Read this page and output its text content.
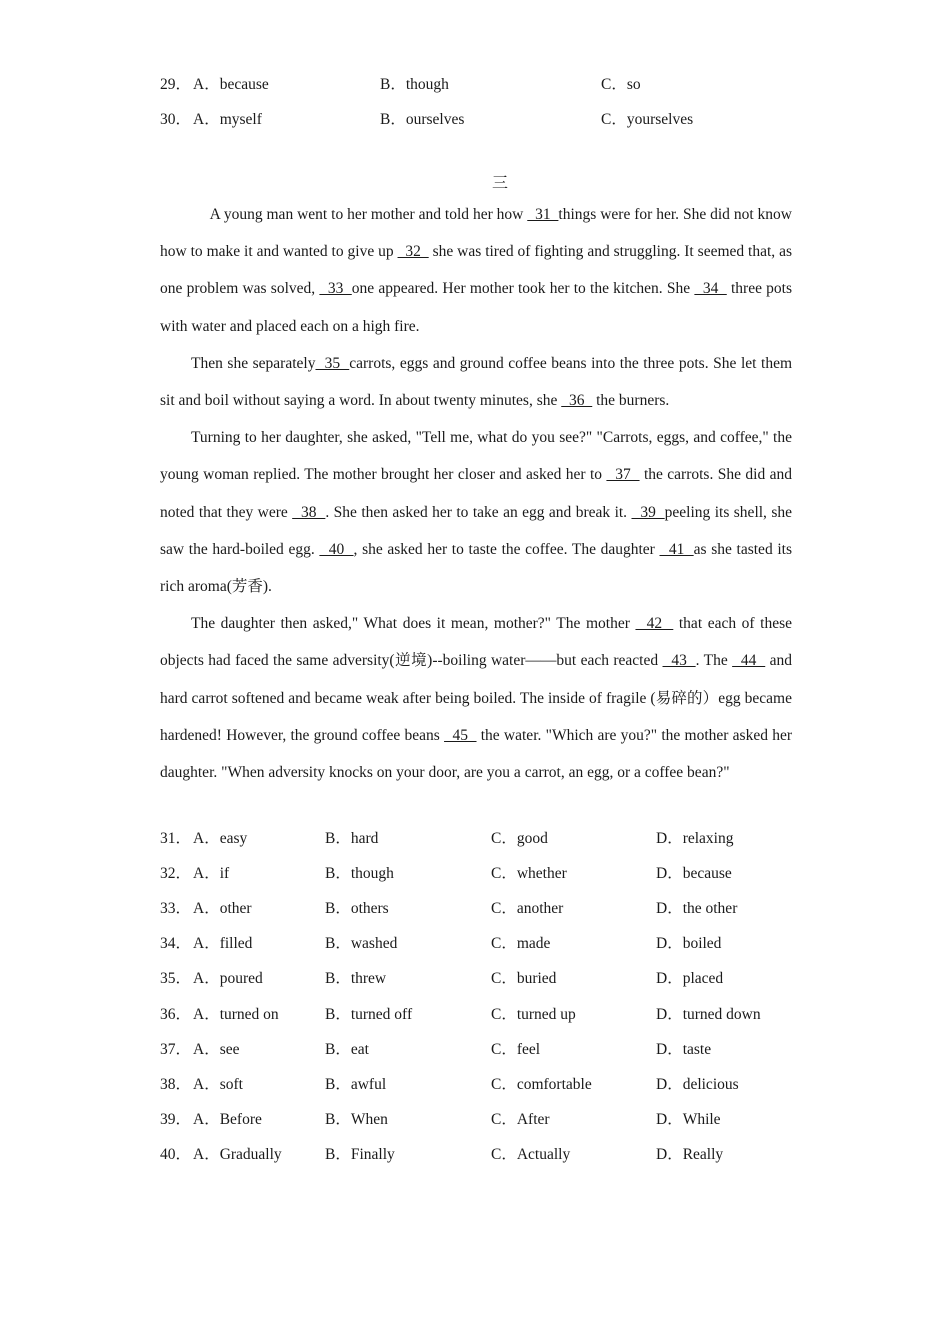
29． A．because	B．though	C．so
30． A．myself	B．ourselves	C．yourselves
三

A young man went to her mother and told her how   31  things were for her. She did not know how to make it and wanted to give up   32   she was tired of fighting and struggling. It seemed that, as one problem was solved,   33  one appeared. Her mother took her to the kitchen. She   34   three pots with water and placed each on a high fire.

Then she separately  35  carrots, eggs and ground coffee beans into the three pots. She let them sit and boil without saying a word. In about twenty minutes, she   36   the burners.

Turning to her daughter, she asked, "Tell me, what do you see?" "Carrots, eggs, and coffee," the young woman replied. The mother brought her closer and asked her to   37   the carrots. She did and noted that they were   38  . She then asked her to take an egg and break it.   39  peeling its shell, she saw the hard-boiled egg.   40  , she asked her to taste the coffee. The daughter   41  as she tasted its rich aroma(芳香).

The daughter then asked," What does it mean, mother?" The mother   42   that each of these objects had faced the same adversity(逆境)--boiling water——but each reacted   43  . The   44   and hard carrot softened and became weak after being boiled. The inside of fragile (易碎的）egg became hardened! However, the ground coffee beans   45   the water. "Which are you?" the mother asked her daughter. "When adversity knocks on your door, are you a carrot, an egg, or a coffee bean?"

31． A．easy	B．hard	C．good	D．relaxing
32． A．if	B．though	C．whether	D．because
33． A．other	B．others	C．another	D．the other
34． A．filled	B．washed	C．made	D．boiled
35． A．poured	B．threw	C．buried	D．placed
36． A．turned on	B．turned off	C．turned up	D．turned down
37． A．see	B．eat	C．feel	D．taste
38． A．soft	B．awful	C．comfortable	D．delicious
39． A．Before	B．When	C．After	D．While
40． A．Gradually	B．Finally	C．Actually	D．Really
